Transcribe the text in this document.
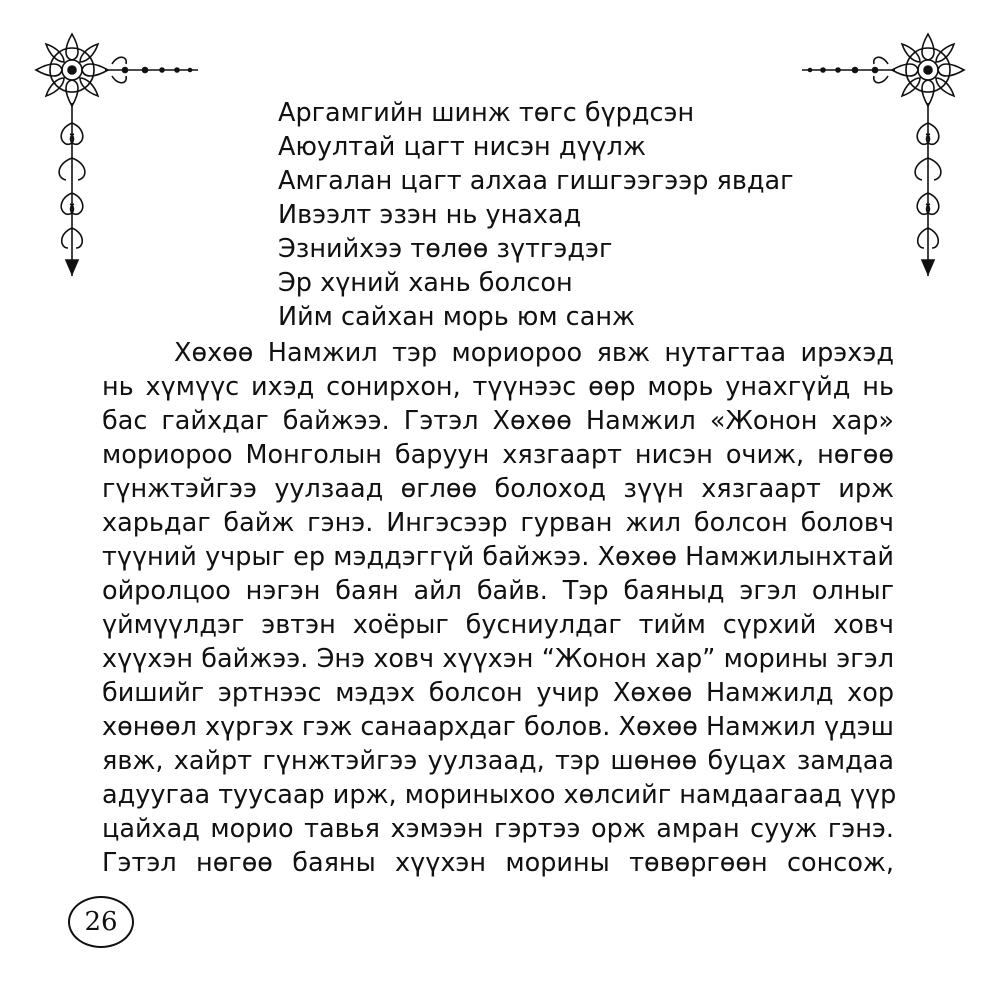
Аргамгийн шинж төгс бүрдсэн
Аюултай цагт нисэн дүүлж
Амгалан цагт алхаа гишгээгээр явдаг
Ивээлт эзэн нь унахад
Эзнийхээ төлөө зүтгэдэг
Эр хүний хань болсон
Ийм сайхан морь юм санж
Хөхөө Намжил тэр мориороо явж нутагтаа ирэхэд
нь хүмүүс ихэд сонирхон, түүнээс өөр морь унахгүйд нь
бас гайхдаг байжээ. Гэтэл Хөхөө Намжил «Жонон хар»
мориороо Монголын баруун хязгаарт нисэн очиж, нөгөө
гүнжтэйгээ уулзаад өглөө болоход зүүн хязгаарт ирж
харьдаг байж гэнэ. Ингэсээр гурван жил болсон боловч
түүний учрыг ер мэддэггүй байжээ. Хөхөө Намжилынхтай
ойролцоо нэгэн баян айл байв. Тэр баяныд эгэл олныг
үймүүлдэг эвтэн хоёрыг бусниулдаг тийм сүрхий ховч
хүүхэн байжээ. Энэ ховч хүүхэн “Жонон хар” морины эгэл
бишийг эртнээс мэдэх болсон учир Хөхөө Намжилд хор
хөнөөл хүргэх гэж санаархдаг болов. Хөхөө Намжил үдэш
явж, хайрт гүнжтэйгээ уулзаад, тэр шөнөө буцах замдаа
адуугаа туусаар ирж, мориныхоо хөлсийг намдаагаад үүр
цайхад морио тавья хэмээн гэртээ орж амран сууж гэнэ.
Гэтэл нөгөө баяны хүүхэн морины төвөргөөн сонсож,
26
